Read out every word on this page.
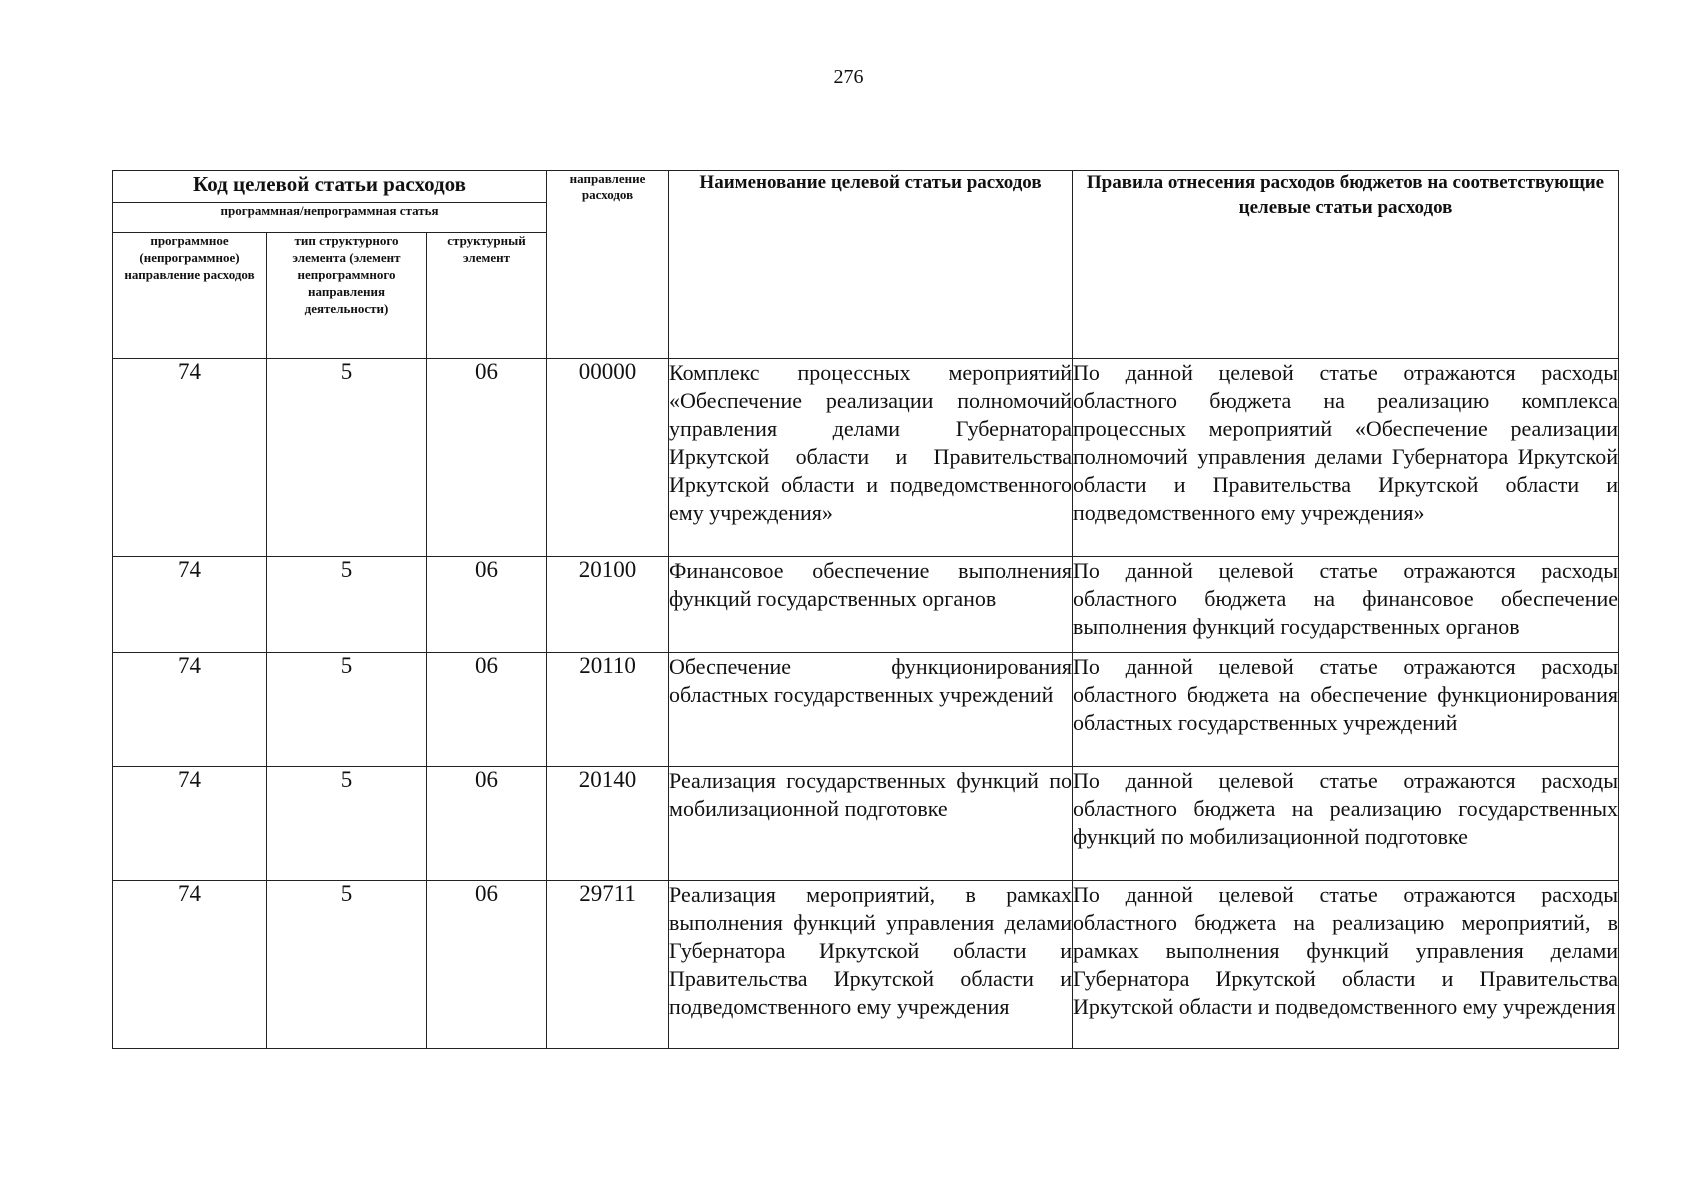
276
Код целевой статьи расходов			направление расходов	Наименование целевой статьи расходов	Правила отнесения расходов бюджетов на соответствующие целевые статьи расходов
программная/непрограммная статья					
программное (непрограммное) направление расходов	тип структурного элемента (элемент непрограммного направления деятельности)	структурный элемент			
74	5	06	00000	Комплекс процессных мероприятий «Обеспечение реализации полномочий управления делами Губернатора Иркутской области и Правительства Иркутской области и подведомственного ему учреждения»	По данной целевой статье отражаются расходы областного бюджета на реализацию комплекса процессных мероприятий «Обеспечение реализации полномочий управления делами Губернатора Иркутской области и Правительства Иркутской области и подведомственного ему учреждения»
74	5	06	20100	Финансовое обеспечение выполнения функций государственных органов	По данной целевой статье отражаются расходы областного бюджета на финансовое обеспечение выполнения функций государственных органов
74	5	06	20110	Обеспечение функционирования областных государственных учреждений	По данной целевой статье отражаются расходы областного бюджета на обеспечение функционирования областных государственных учреждений
74	5	06	20140	Реализация государственных функций по мобилизационной подготовке	По данной целевой статье отражаются расходы областного бюджета на реализацию государственных функций по мобилизационной подготовке
74	5	06	29711	Реализация мероприятий, в рамках выполнения функций управления делами Губернатора Иркутской области и Правительства Иркутской области и подведомственного ему учреждения	По данной целевой статье отражаются расходы областного бюджета на реализацию мероприятий, в рамках выполнения функций управления делами Губернатора Иркутской области и Правительства Иркутской области и подведомственного ему учреждения
